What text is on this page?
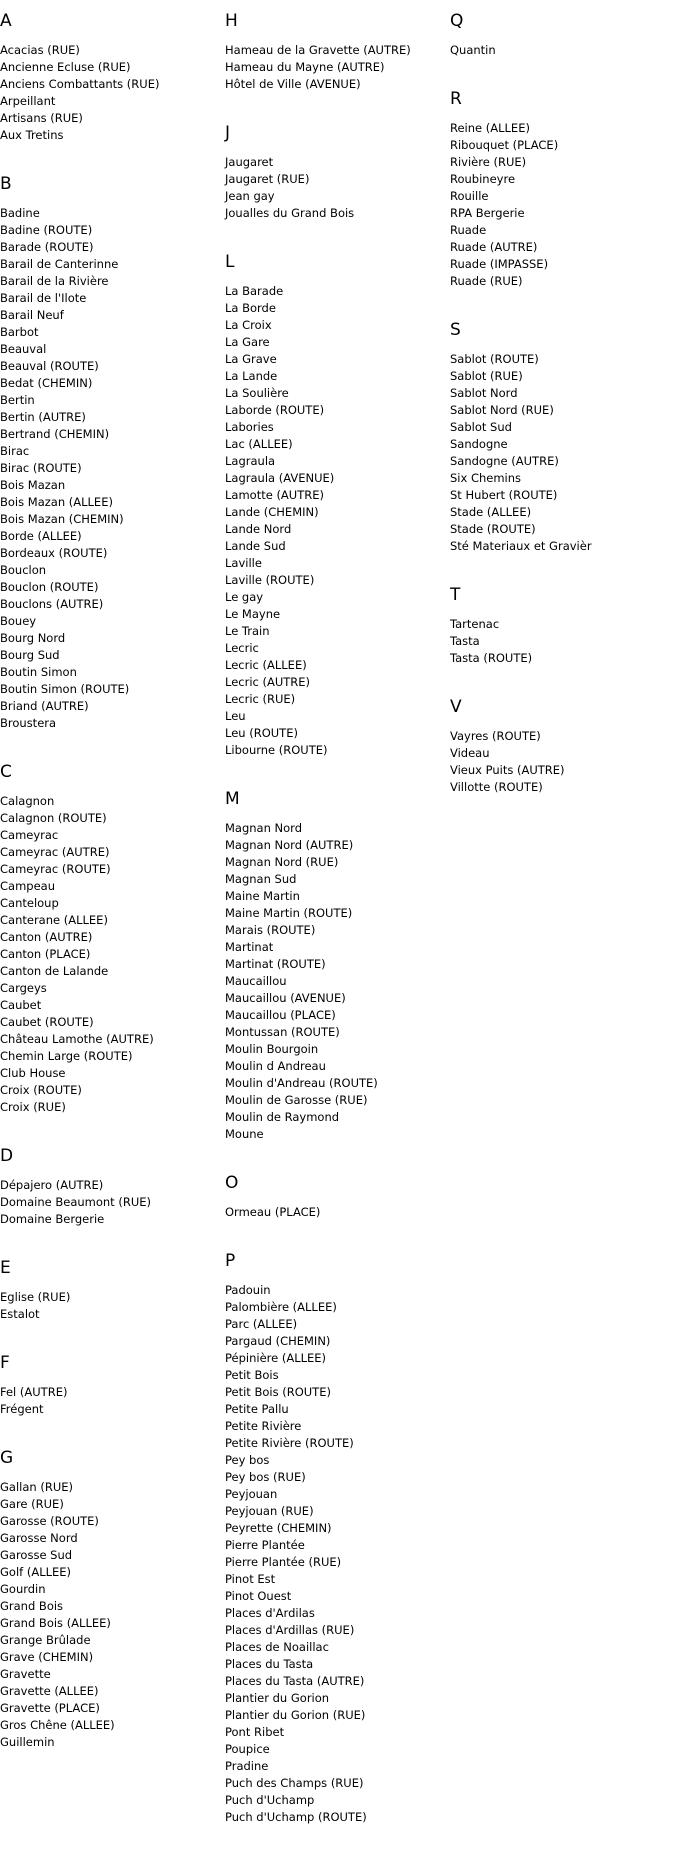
A
Acacias (RUE)
Ancienne Ecluse (RUE)
Anciens Combattants (RUE)
Arpeillant
Artisans (RUE)
Aux Tretins
B
Badine
Badine (ROUTE)
Barade (ROUTE)
Barail de Canterinne
Barail de la Rivière
Barail de l'Ilote
Barail Neuf
Barbot
Beauval
Beauval (ROUTE)
Bedat (CHEMIN)
Bertin
Bertin (AUTRE)
Bertrand (CHEMIN)
Birac
Birac (ROUTE)
Bois Mazan
Bois Mazan (ALLEE)
Bois Mazan (CHEMIN)
Borde (ALLEE)
Bordeaux (ROUTE)
Bouclon
Bouclon (ROUTE)
Bouclons (AUTRE)
Bouey
Bourg Nord
Bourg Sud
Boutin Simon
Boutin Simon (ROUTE)
Briand (AUTRE)
Broustera
C
Calagnon
Calagnon (ROUTE)
Cameyrac
Cameyrac (AUTRE)
Cameyrac (ROUTE)
Campeau
Canteloup
Canterane (ALLEE)
Canton (AUTRE)
Canton (PLACE)
Canton de Lalande
Cargeys
Caubet
Caubet (ROUTE)
Château Lamothe (AUTRE)
Chemin Large (ROUTE)
Club House
Croix (ROUTE)
Croix (RUE)
D
Dépajero (AUTRE)
Domaine Beaumont (RUE)
Domaine Bergerie
E
Eglise (RUE)
Estalot
F
Fel (AUTRE)
Frégent
G
Gallan (RUE)
Gare (RUE)
Garosse (ROUTE)
Garosse Nord
Garosse Sud
Golf (ALLEE)
Gourdin
Grand Bois
Grand Bois (ALLEE)
Grange Brûlade
Grave (CHEMIN)
Gravette
Gravette (ALLEE)
Gravette (PLACE)
Gros Chêne (ALLEE)
Guillemin
H
Hameau de la Gravette (AUTRE)
Hameau du Mayne (AUTRE)
Hôtel de Ville (AVENUE)
J
Jaugaret
Jaugaret (RUE)
Jean gay
Joualles du Grand Bois
L
La Barade
La Borde
La Croix
La Gare
La Grave
La Lande
La Soulière
Laborde (ROUTE)
Labories
Lac (ALLEE)
Lagraula
Lagraula (AVENUE)
Lamotte (AUTRE)
Lande (CHEMIN)
Lande Nord
Lande Sud
Laville
Laville (ROUTE)
Le gay
Le Mayne
Le Train
Lecric
Lecric (ALLEE)
Lecric (AUTRE)
Lecric (RUE)
Leu
Leu (ROUTE)
Libourne (ROUTE)
M
Magnan Nord
Magnan Nord (AUTRE)
Magnan Nord (RUE)
Magnan Sud
Maine Martin
Maine Martin (ROUTE)
Marais (ROUTE)
Martinat
Martinat (ROUTE)
Maucaillou
Maucaillou (AVENUE)
Maucaillou (PLACE)
Montussan (ROUTE)
Moulin Bourgoin
Moulin d Andreau
Moulin d'Andreau (ROUTE)
Moulin de Garosse (RUE)
Moulin de Raymond
Moune
O
Ormeau (PLACE)
P
Padouin
Palombière (ALLEE)
Parc (ALLEE)
Pargaud (CHEMIN)
Pépinière (ALLEE)
Petit Bois
Petit Bois (ROUTE)
Petite Pallu
Petite Rivière
Petite Rivière (ROUTE)
Pey bos
Pey bos (RUE)
Peyjouan
Peyjouan (RUE)
Peyrette (CHEMIN)
Pierre Plantée
Pierre Plantée (RUE)
Pinot Est
Pinot Ouest
Places d'Ardilas
Places d'Ardillas (RUE)
Places de Noaillac
Places du Tasta
Places du Tasta (AUTRE)
Plantier du Gorion
Plantier du Gorion (RUE)
Pont Ribet
Poupice
Pradine
Puch des Champs (RUE)
Puch d'Uchamp
Puch d'Uchamp (ROUTE)
Q
Quantin
R
Reine (ALLEE)
Ribouquet (PLACE)
Rivière (RUE)
Roubineyre
Rouille
RPA Bergerie
Ruade
Ruade (AUTRE)
Ruade (IMPASSE)
Ruade (RUE)
S
Sablot (ROUTE)
Sablot (RUE)
Sablot Nord
Sablot Nord (RUE)
Sablot Sud
Sandogne
Sandogne (AUTRE)
Six Chemins
St Hubert (ROUTE)
Stade (ALLEE)
Stade (ROUTE)
Sté Materiaux et Gravièr
T
Tartenac
Tasta
Tasta (ROUTE)
V
Vayres (ROUTE)
Videau
Vieux Puits (AUTRE)
Villotte (ROUTE)
